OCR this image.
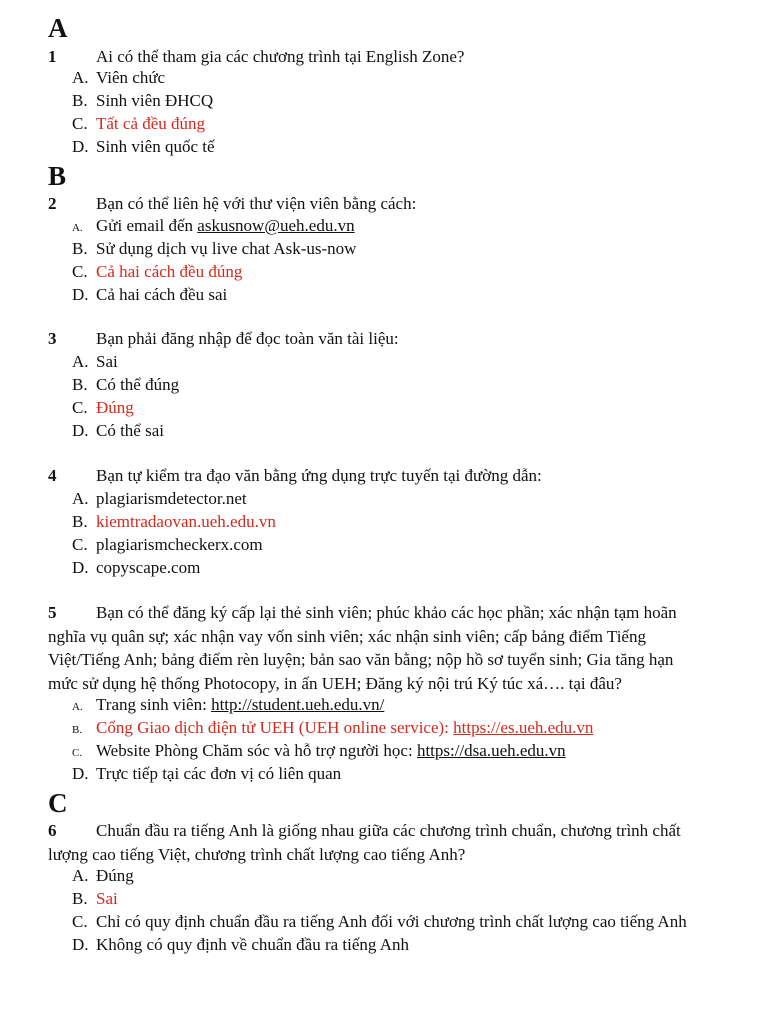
A
1 Ai có thể tham gia các chương trình tại English Zone?
A. Viên chức
B. Sinh viên ĐHCQ
C. Tất cả đều đúng
D. Sinh viên quốc tế
B
2 Bạn có thể liên hệ với thư viện viên bằng cách:
A. Gửi email đến askusnow@ueh.edu.vn
B. Sử dụng dịch vụ live chat Ask-us-now
C. Cả hai cách đều đúng
D. Cả hai cách đều sai
3 Bạn phải đăng nhập để đọc toàn văn tài liệu:
A. Sai
B. Có thể đúng
C. Đúng
D. Có thể sai
4 Bạn tự kiểm tra đạo văn bằng ứng dụng trực tuyến tại đường dẫn:
A. plagiarismdetector.net
B. kiemtradaovan.ueh.edu.vn
C. plagiarismcheckerx.com
D. copyscape.com
5 Bạn có thể đăng ký cấp lại thẻ sinh viên; phúc khảo các học phần; xác nhận tạm hoãn
nghĩa vụ quân sự; xác nhận vay vốn sinh viên; xác nhận sinh viên; cấp bảng điểm Tiếng
Việt/Tiếng Anh; bảng điểm rèn luyện; bản sao văn bằng; nộp hồ sơ tuyển sinh; Gia tăng hạn
mức sử dụng hệ thống Photocopy, in ấn UEH; Đăng ký nội trú Ký túc xá…. tại đâu?
A. Trang sinh viên: http://student.ueh.edu.vn/
B. Cổng Giao dịch điện tử UEH (UEH online service): https://es.ueh.edu.vn
C. Website Phòng Chăm sóc và hỗ trợ người học: https://dsa.ueh.edu.vn
D. Trực tiếp tại các đơn vị có liên quan
C
6 Chuẩn đầu ra tiếng Anh là giống nhau giữa các chương trình chuẩn, chương trình chất
lượng cao tiếng Việt, chương trình chất lượng cao tiếng Anh?
A. Đúng
B. Sai
C. Chỉ có quy định chuẩn đầu ra tiếng Anh đối với chương trình chất lượng cao tiếng Anh
D. Không có quy định về chuẩn đầu ra tiếng Anh
